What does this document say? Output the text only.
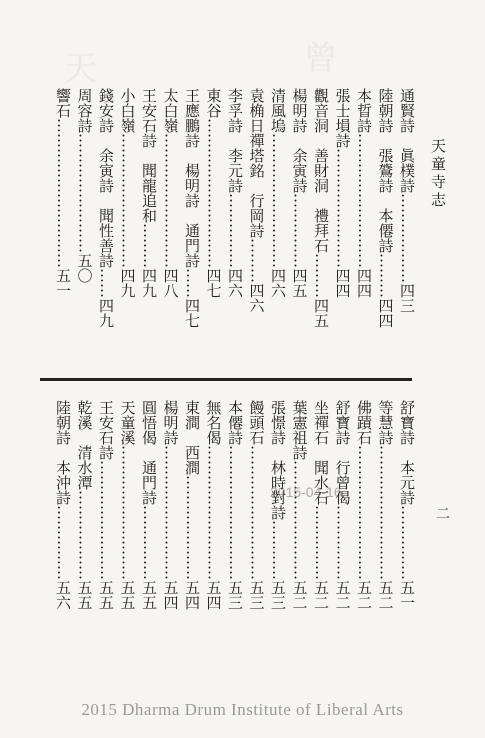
天	曾
天童寺志
通賢詩　眞樸詩………………四三
陸朝詩　張鷟詩　本僊詩………四四
本晢詩………………………四四
張士塤詩……………………四四
觀音洞　善財洞　禮拜石………四五
楊明詩　余寅詩……………四五
清風塢………………………四六
袁桷日禪塔銘　行岡詩………四六
李孚詩　李元詩……………四六
東谷…………………………四七
王應鵬詩　楊明詩　通門詩……四七
太白嶺………………………四八
王安石詩　聞龍追和………四九
小白嶺………………………四九
錢安詩　余寅詩　聞性善詩……四九
周容詩……………………五〇
響石…………………………五一
舒寶詩　本元詩……………五一
等慧詩………………………五二
佛蹟石………………………五二
舒寶詩　行曾偈……………五二
坐禪石　聞水石……………五二
葉憲祖詩……………………五二
張憬詩　林時對詩…………五三
饅頭石………………………五三
本僊詩………………………五三
無名偈………………………五四
東澗　西澗…………………五四
楊明詩………………………五四
圓悟偈　通門詩……………五五
天童溪………………………五五
王安石詩……………………五五
乾溪　清水潭………………五五
陸朝詩　本沖詩……………五六	二
2015-04-16
2015 Dharma Drum Institute of Liberal Arts
